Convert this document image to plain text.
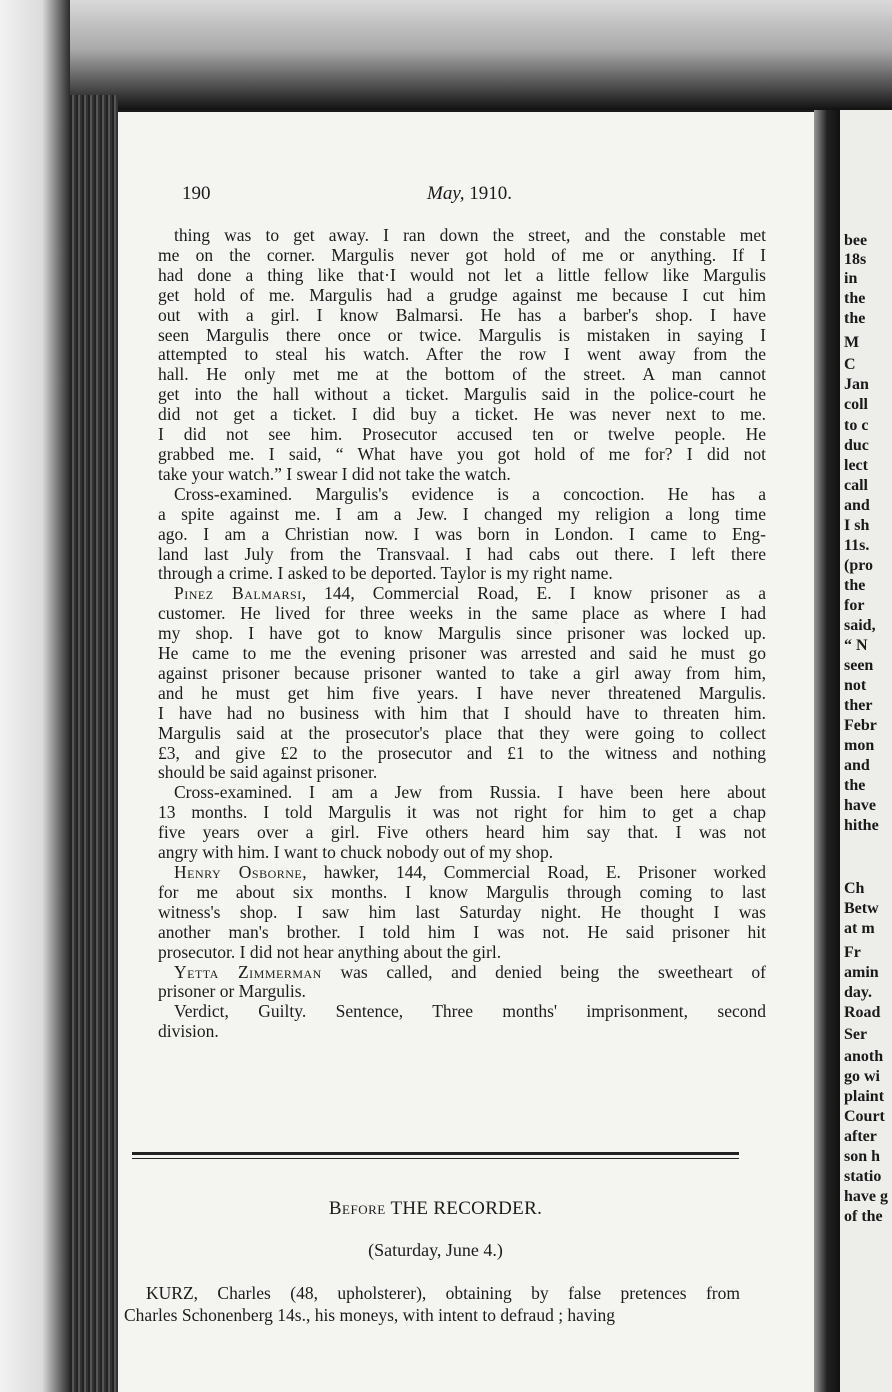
bee
18s
in
the
the
M
C
Jan
coll
to c
duc
lect
call
and
I sh
11s.
(pro
the
for
said,
“ N
seen
not
ther
Febr
mon
and
the
have
hithe
Ch
Betw
at m
Fr
amin
day.
Road
Ser
anoth
go wi
plaint
Court
after
son h
statio
have g
of the
190	May, 1910.
thing was to get away. I ran down the street, and the constable met
me on the corner. Margulis never got hold of me or anything. If I
had done a thing like that·I would not let a little fellow like Margulis
get hold of me. Margulis had a grudge against me because I cut him
out with a girl. I know Balmarsi. He has a barber's shop. I have
seen Margulis there once or twice. Margulis is mistaken in saying I
attempted to steal his watch. After the row I went away from the
hall. He only met me at the bottom of the street. A man cannot
get into the hall without a ticket. Margulis said in the police-court he
did not get a ticket. I did buy a ticket. He was never next to me.
I did not see him. Prosecutor accused ten or twelve people. He
grabbed me. I said, “ What have you got hold of me for? I did not
take your watch.” I swear I did not take the watch.
Cross-examined. Margulis's evidence is a concoction. He has a
a spite against me. I am a Jew. I changed my religion a long time
ago. I am a Christian now. I was born in London. I came to Eng-
land last July from the Transvaal. I had cabs out there. I left there
through a crime. I asked to be deported. Taylor is my right name.
Pinez Balmarsi, 144, Commercial Road, E. I know prisoner as a
customer. He lived for three weeks in the same place as where I had
my shop. I have got to know Margulis since prisoner was locked up.
He came to me the evening prisoner was arrested and said he must go
against prisoner because prisoner wanted to take a girl away from him,
and he must get him five years. I have never threatened Margulis.
I have had no business with him that I should have to threaten him.
Margulis said at the prosecutor's place that they were going to collect
£3, and give £2 to the prosecutor and £1 to the witness and nothing
should be said against prisoner.
Cross-examined. I am a Jew from Russia. I have been here about
13 months. I told Margulis it was not right for him to get a chap
five years over a girl. Five others heard him say that. I was not
angry with him. I want to chuck nobody out of my shop.
Henry Osborne, hawker, 144, Commercial Road, E. Prisoner worked
for me about six months. I know Margulis through coming to last
witness's shop. I saw him last Saturday night. He thought I was
another man's brother. I told him I was not. He said prisoner hit
prosecutor. I did not hear anything about the girl.
Yetta Zimmerman was called, and denied being the sweetheart of
prisoner or Margulis.
Verdict, Guilty. Sentence, Three months' imprisonment, second
division.
Before THE RECORDER.
(Saturday, June 4.)
KURZ, Charles (48, upholsterer), obtaining by false pretences from
Charles Schonenberg 14s., his moneys, with intent to defraud ; having
